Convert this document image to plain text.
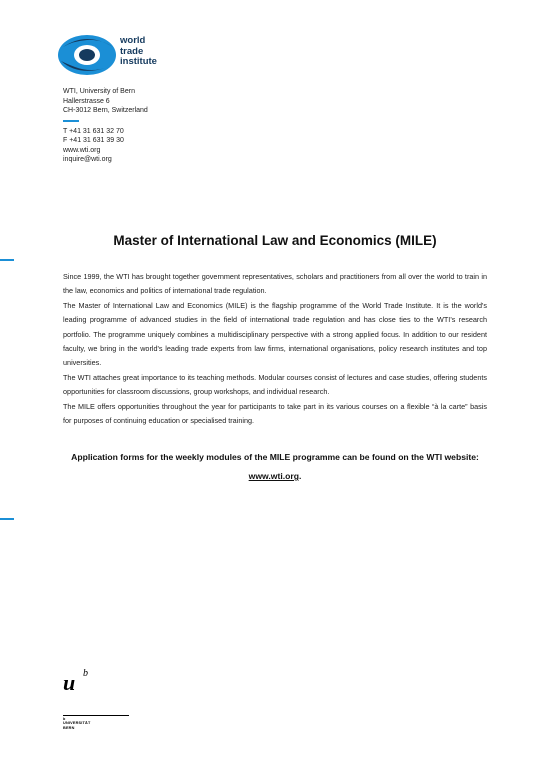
world
trade
institute
WTI, University of Bern
Hallerstrasse 6
CH-3012 Bern, Switzerland
T +41 31 631 32 70
F +41 31 631 39 30
www.wti.org
inquire@wti.org
Master of International Law and Economics (MILE)

Since 1999, the WTI has brought together government representatives, scholars and practitioners from all over the world to train in the law, economics and politics of international trade regulation.

The Master of International Law and Economics (MILE) is the flagship programme of the World Trade Institute. It is the world's leading programme of advanced studies in the field of international trade regulation and has close ties to the WTI's research portfolio. The programme uniquely combines a multidisciplinary perspective with a strong applied focus. In addition to our resident faculty, we bring in the world's leading trade experts from law firms, international organisations, policy research institutes and top universities.

The WTI attaches great importance to its teaching methods. Modular courses consist of lectures and case studies, offering students opportunities for classroom discussions, group workshops, and individual research.

The MILE offers opportunities throughout the year for participants to take part in its various courses on a flexible “à la carte” basis for purposes of continuing education or specialised training.

Application forms for the weekly modules of the MILE programme can be found on the WTI website: www.wti.org.
u b
b
UNIVERSITÄT
BERN
